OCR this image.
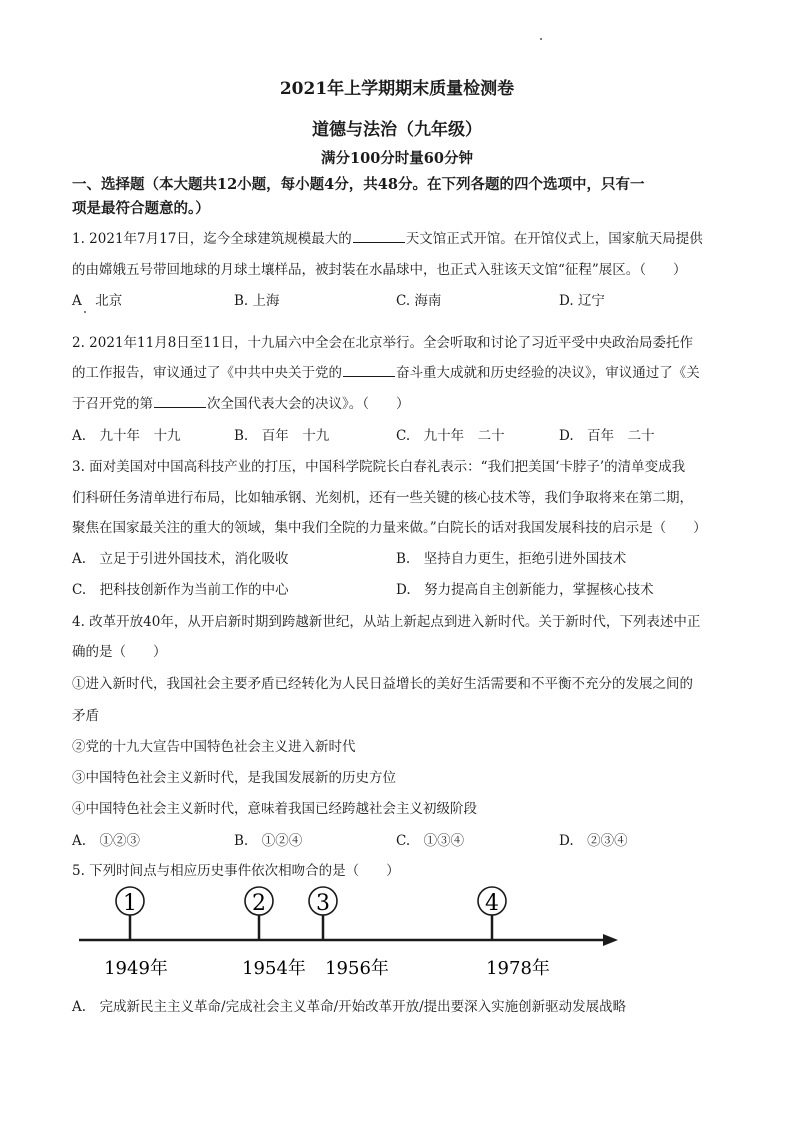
2021年上学期期末质量检测卷
道德与法治（九年级）
满分100分时量60分钟
一、选择题（本大题共12小题，每小题4分，共48分。在下列各题的四个选项中，只有一
项是最符合题意的。）
1. 2021年7月17日，迄今全球建筑规模最大的	天文馆正式开馆。在开馆仪式上，国家航天局提供
的由嫦娥五号带回地球的月球土壤样品，被封装在水晶球中，也正式入驻该天文馆“征程”展区。（　　）
A　北京	B. 上海	C. 海南	D. 辽宁
2. 2021年11月8日至11日，十九届六中全会在北京举行。全会听取和讨论了习近平受中央政治局委托作
的工作报告，审议通过了《中共中央关于党的	奋斗重大成就和历史经验的决议》，审议通过了《关
于召开党的第	次全国代表大会的决议》。（　　）
A.　九十年　十九	B.　百年　十九	C.　九十年　二十	D.　百年　二十
3. 面对美国对中国高科技产业的打压，中国科学院院长白春礼表示：“我们把美国‘卡脖子’的清单变成我
们科研任务清单进行布局，比如轴承钢、光刻机，还有一些关键的核心技术等，我们争取将来在第二期，
聚焦在国家最关注的重大的领域，集中我们全院的力量来做。”白院长的话对我国发展科技的启示是（　　）
A.　立足于引进外国技术，消化吸收	B.　坚持自力更生，拒绝引进外国技术
C.　把科技创新作为当前工作的中心	D.　努力提高自主创新能力，掌握核心技术
4. 改革开放40年，从开启新时期到跨越新世纪，从站上新起点到进入新时代。关于新时代，下列表述中正
确的是（　　）
①进入新时代，我国社会主要矛盾已经转化为人民日益增长的美好生活需要和不平衡不充分的发展之间的
矛盾
②党的十九大宣告中国特色社会主义进入新时代
③中国特色社会主义新时代，是我国发展新的历史方位
④中国特色社会主义新时代，意味着我国已经跨越社会主义初级阶段
A.　①②③	B.　①②④	C.　①③④	D.　②③④
5. 下列时间点与相应历史事件依次相吻合的是（　　）
1
1949年
2
1954年
3
1956年
4
1978年
A.　完成新民主主义革命/完成社会主义革命/开始改革开放/提出要深入实施创新驱动发展战略
